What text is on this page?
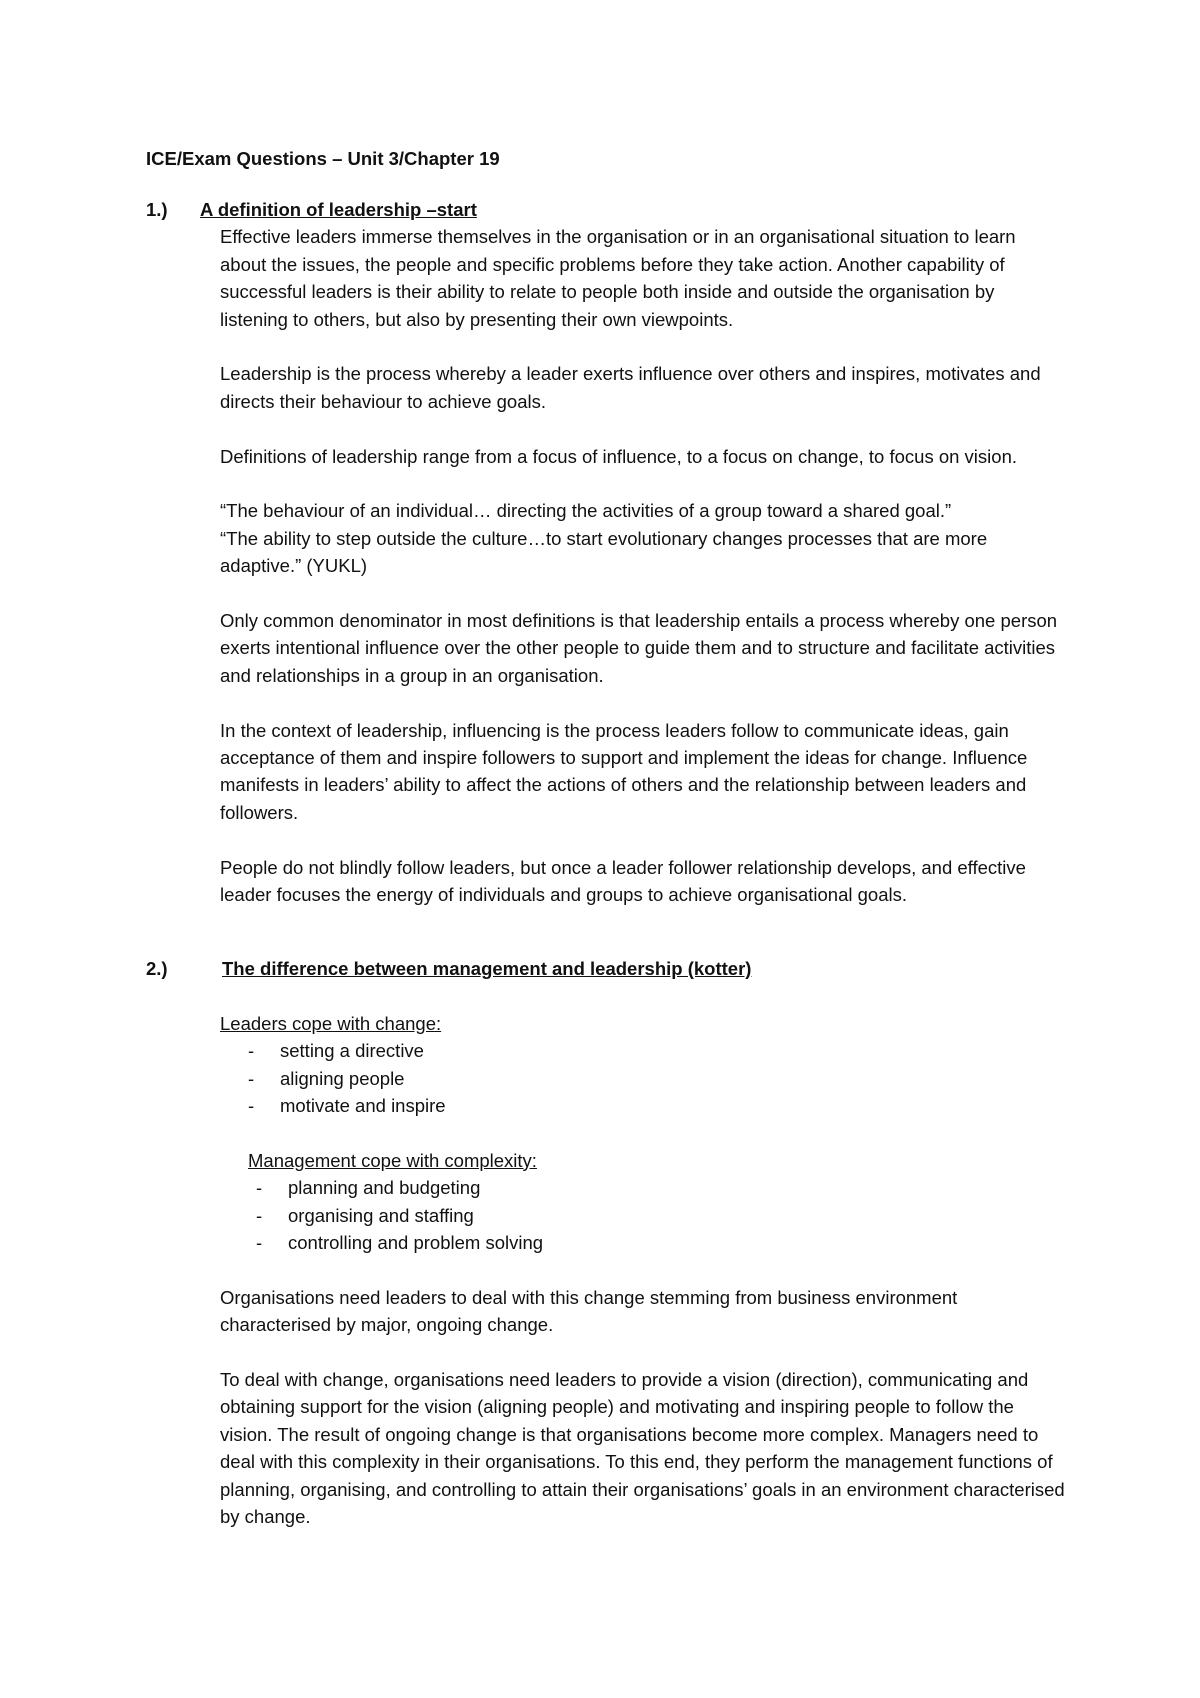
ICE/Exam Questions – Unit 3/Chapter 19
1.)	A definition of leadership –start

Effective leaders immerse themselves in the organisation or in an organisational situation to learn about the issues, the people and specific problems before they take action. Another capability of successful leaders is their ability to relate to people both inside and outside the organisation by listening to others, but also by presenting their own viewpoints.

Leadership is the process whereby a leader exerts influence over others and inspires, motivates and directs their behaviour to achieve goals.

Definitions of leadership range from a focus of influence, to a focus on change, to focus on vision.

“The behaviour of an individual… directing the activities of a group toward a shared goal.”

“The ability to step outside the culture…to start evolutionary changes processes that are more adaptive.” (YUKL)

Only common denominator in most definitions is that leadership entails a process whereby one person exerts intentional influence over the other people to guide them and to structure and facilitate activities and relationships in a group in an organisation.

In the context of leadership, influencing is the process leaders follow to communicate ideas, gain acceptance of them and inspire followers to support and implement the ideas for change. Influence manifests in leaders’ ability to affect the actions of others and the relationship between leaders and followers.

People do not blindly follow leaders, but once a leader follower relationship develops, and effective leader focuses the energy of individuals and groups to achieve organisational goals.

2.)	The difference between management and leadership (kotter)
Leaders cope with change:
-	setting a directive
-	aligning people
-	motivate and inspire
Management cope with complexity:
-	planning and budgeting
-	organising and staffing
-	controlling and problem solving

Organisations need leaders to deal with this change stemming from business environment characterised by major, ongoing change.

To deal with change, organisations need leaders to provide a vision (direction), communicating and obtaining support for the vision (aligning people) and motivating and inspiring people to follow the vision. The result of ongoing change is that organisations become more complex. Managers need to deal with this complexity in their organisations. To this end, they perform the management functions of planning, organising, and controlling to attain their organisations’ goals in an environment characterised by change.
